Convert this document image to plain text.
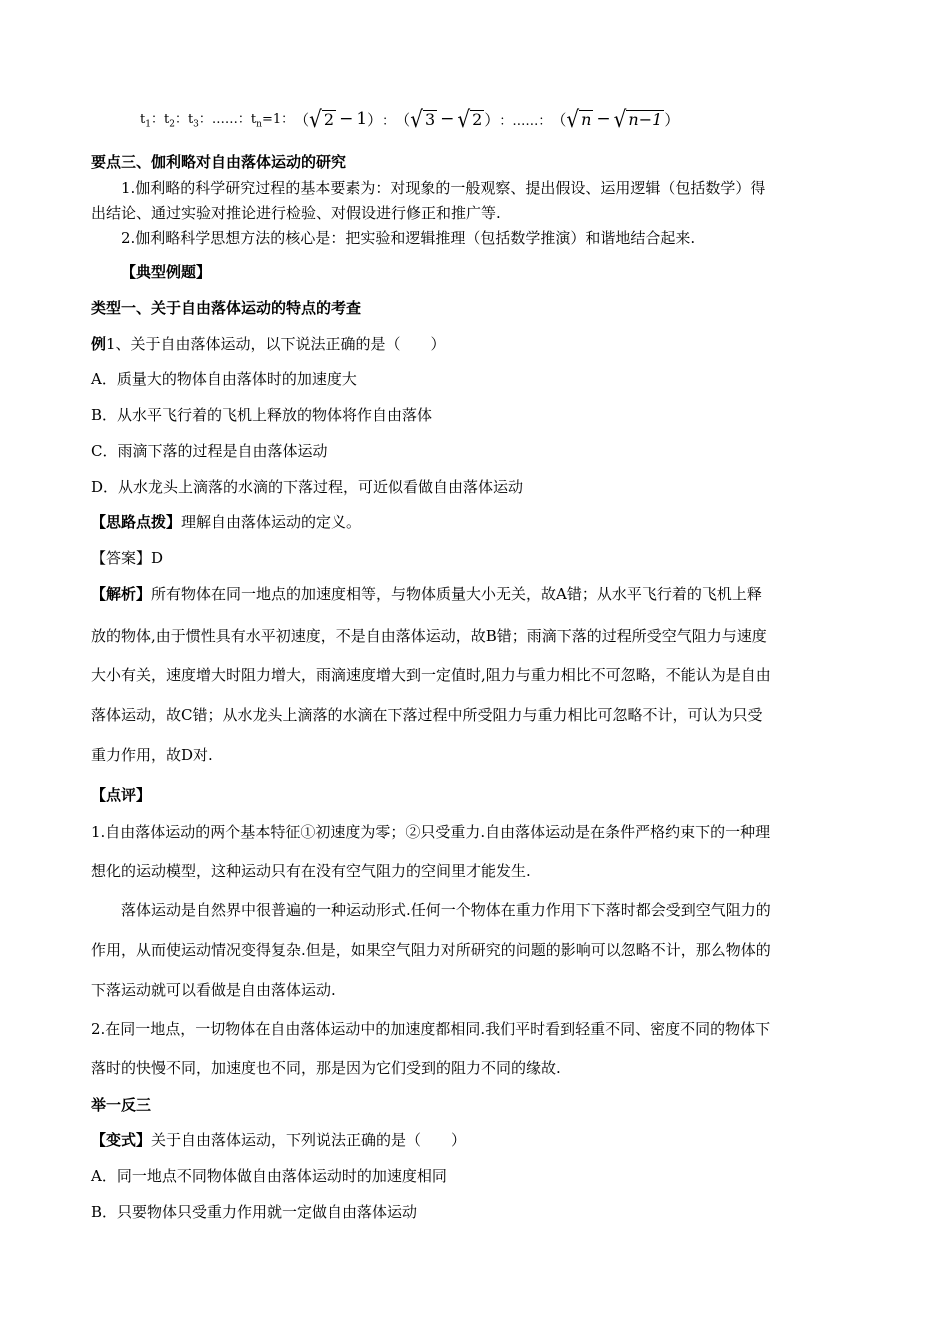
$t_1$：$t_2$：$t_3$：……：$t_n=1$： （ √ 2 − 1 ） ： （ √ 3 − √ 2 ） ：……： （ √ n − √ n−1 ）
要点三、伽利略对自由落体运动的研究
1.伽利略的科学研究过程的基本要素为：对现象的一般观察、提出假设、运用逻辑（包括数学）得
出结论、通过实验对推论进行检验、对假设进行修正和推广等.
2.伽利略科学思想方法的核心是：把实验和逻辑推理（包括数学推演）和谐地结合起来.
【典型例题】
类型一、关于自由落体运动的特点的考查
例1、关于自由落体运动，以下说法正确的是（　　）
A．质量大的物体自由落体时的加速度大
B．从水平飞行着的飞机上释放的物体将作自由落体
C．雨滴下落的过程是自由落体运动
D．从水龙头上滴落的水滴的下落过程，可近似看做自由落体运动
【思路点拨】理解自由落体运动的定义。
【答案】D
【解析】所有物体在同一地点的加速度相等，与物体质量大小无关，故A错；从水平飞行着的飞机上释
放的物体,由于惯性具有水平初速度，不是自由落体运动，故B错；雨滴下落的过程所受空气阻力与速度
大小有关，速度增大时阻力增大，雨滴速度增大到一定值时,阻力与重力相比不可忽略，不能认为是自由
落体运动，故C错；从水龙头上滴落的水滴在下落过程中所受阻力与重力相比可忽略不计，可认为只受
重力作用，故D对.
【点评】
1.自由落体运动的两个基本特征①初速度为零；②只受重力.自由落体运动是在条件严格约束下的一种理
想化的运动模型，这种运动只有在没有空气阻力的空间里才能发生.
落体运动是自然界中很普遍的一种运动形式.任何一个物体在重力作用下下落时都会受到空气阻力的
作用，从而使运动情况变得复杂.但是，如果空气阻力对所研究的问题的影响可以忽略不计，那么物体的
下落运动就可以看做是自由落体运动.
2.在同一地点，一切物体在自由落体运动中的加速度都相同.我们平时看到轻重不同、密度不同的物体下
落时的快慢不同，加速度也不同，那是因为它们受到的阻力不同的缘故.
举一反三
【变式】关于自由落体运动，下列说法正确的是（　　）
A．同一地点不同物体做自由落体运动时的加速度相同
B．只要物体只受重力作用就一定做自由落体运动
